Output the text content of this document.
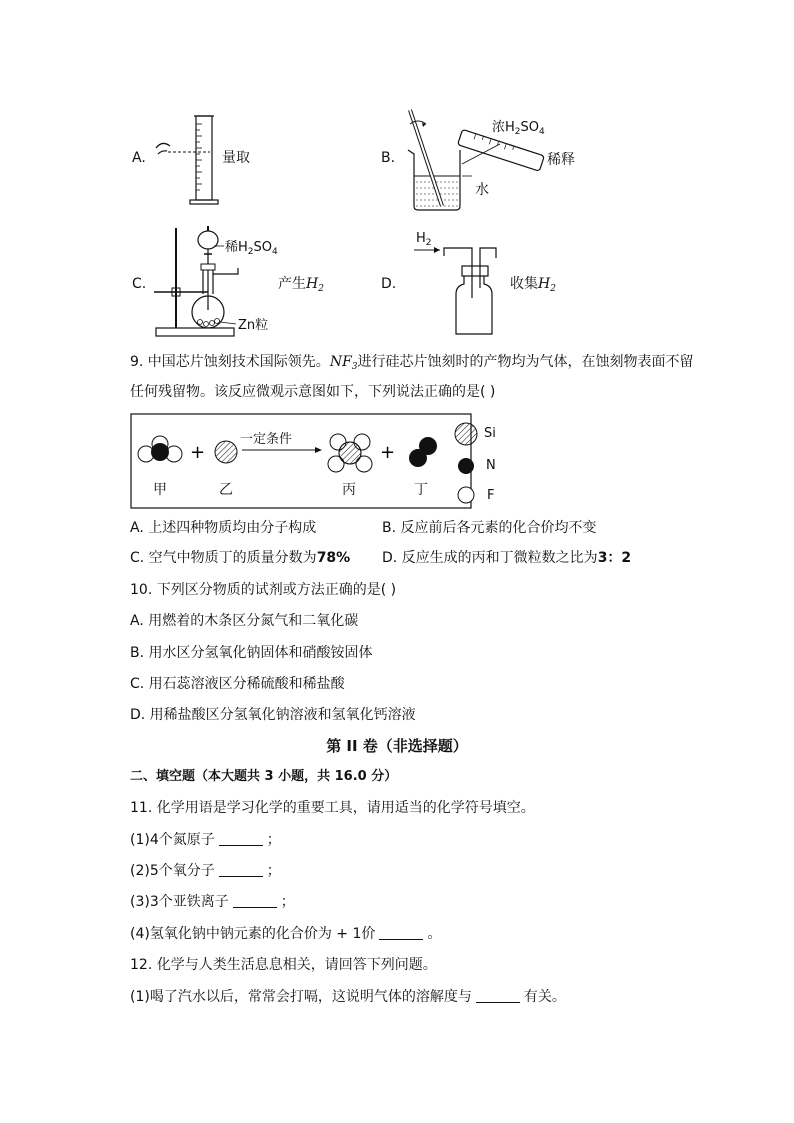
A.	量取	B.
浓$H_2SO_4$
水
稀释
C.
稀$H_2SO_4$
Zn粒
产生$H_2$	D.
$H_2$
收集$H_2$
9. 中国芯片蚀刻技术国际领先。$NF_3$进行硅芯片蚀刻时的产物均为气体，在蚀刻物表面不留
任何残留物。该反应微观示意图如下，下列说法正确的是( )
+	+
一定条件
甲	乙	丙	丁
Si
N
F
A. 上述四种物质均由分子构成	B. 反应前后各元素的化合价均不变
C. 空气中物质丁的质量分数为78% D. 反应生成的丙和丁微粒数之比为3：2
10. 下列区分物质的试剂或方法正确的是( )
A. 用燃着的木条区分氮气和二氧化碳
B. 用水区分氢氧化钠固体和硝酸铵固体
C. 用石蕊溶液区分稀硫酸和稀盐酸
D. 用稀盐酸区分氢氧化钠溶液和氢氧化钙溶液
第 II 卷（非选择题）
二、填空题（本大题共 3 小题，共 16.0 分）
11. 化学用语是学习化学的重要工具，请用适当的化学符号填空。
(1)4个氮原子	；
(2)5个氧分子	；
(3)3个亚铁离子	；
(4)氢氧化钠中钠元素的化合价为 + 1价	。
12. 化学与人类生活息息相关，请回答下列问题。
(1)喝了汽水以后，常常会打嗝，这说明气体的溶解度与	有关。
